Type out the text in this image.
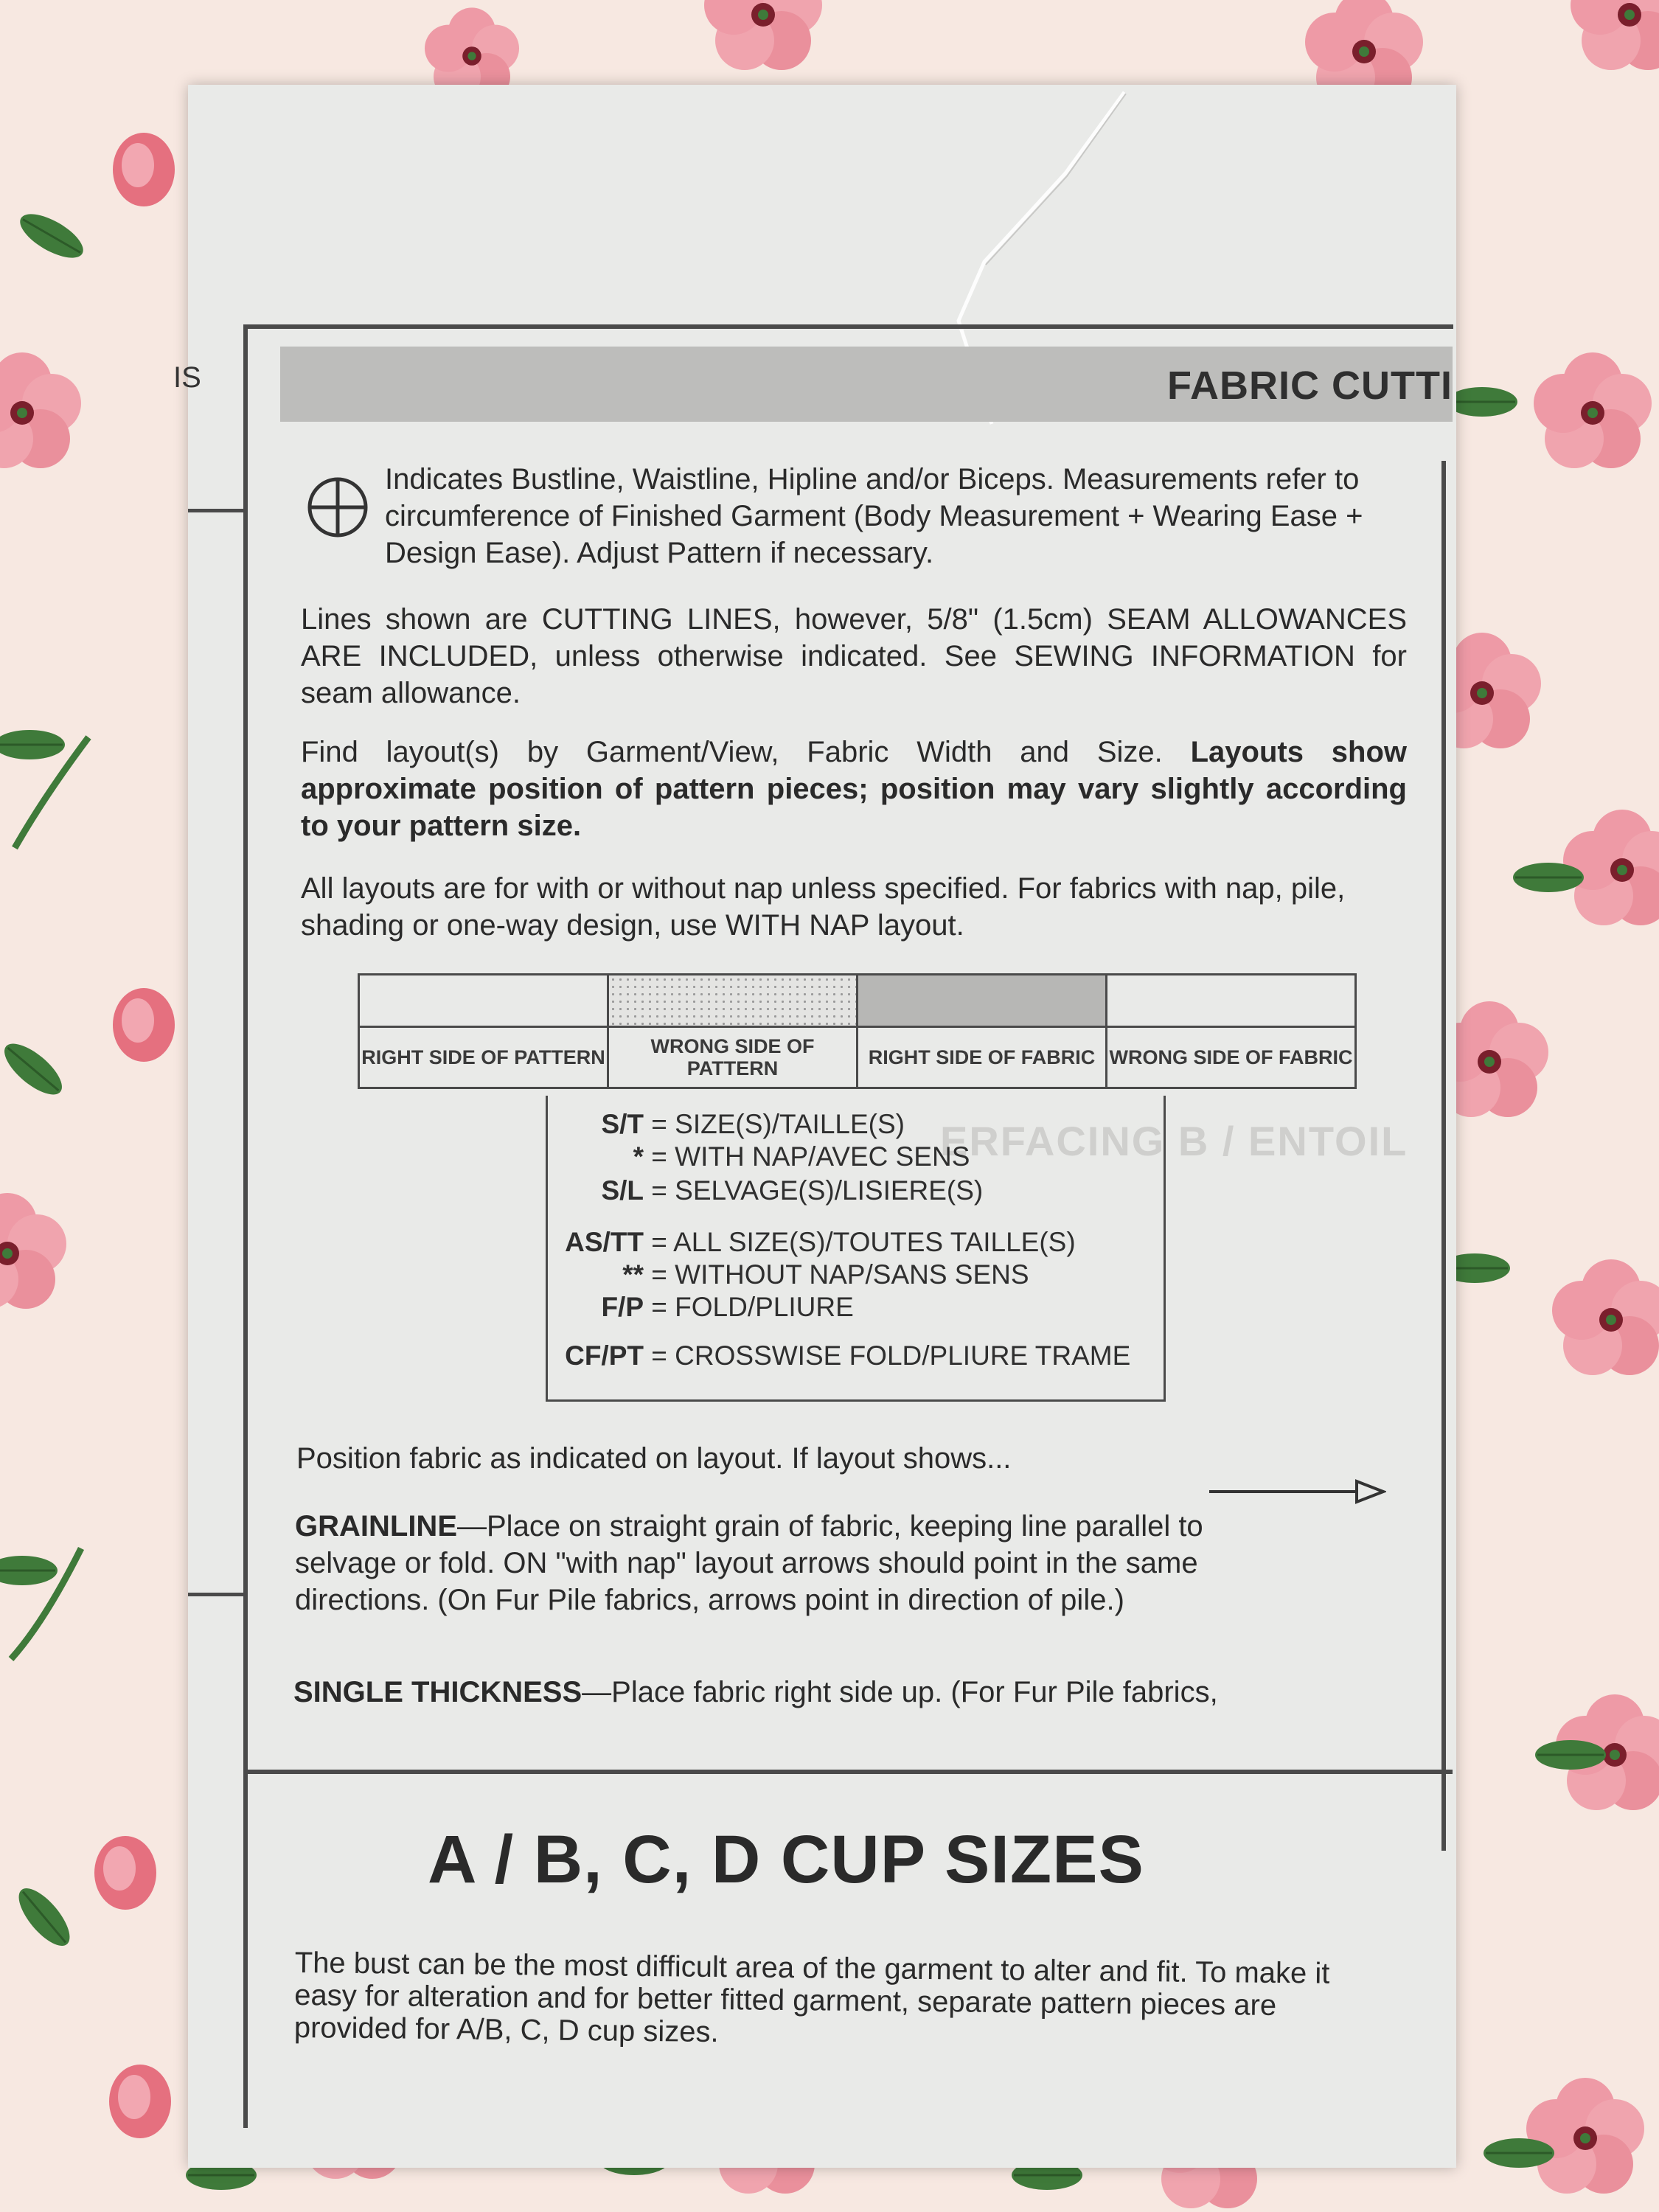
FABRIC CUTTI
IS
Indicates Bustline, Waistline, Hipline and/or Biceps. Measurements refer to circumference of Finished Garment (Body Measurement + Wearing Ease + Design Ease). Adjust Pattern if necessary.
Lines shown are CUTTING LINES, however, 5/8" (1.5cm) SEAM ALLOWANCES ARE INCLUDED, unless otherwise indicated. See SEWING INFORMATION for seam allowance.
Find layout(s) by Garment/View, Fabric Width and Size. Layouts show approximate position of pattern pieces; position may vary slightly according to your pattern size.
All layouts are for with or without nap unless specified. For fabrics with nap, pile, shading or one-way design, use WITH NAP layout.

RIGHT SIDE OF PATTERN	WRONG SIDE OF PATTERN	RIGHT SIDE OF FABRIC	WRONG SIDE OF FABRIC
ERFACING B / ENTOIL
S/T = SIZE(S)/TAILLE(S)
* = WITH NAP/AVEC SENS
S/L = SELVAGE(S)/LISIERE(S)
AS/TT = ALL SIZE(S)/TOUTES TAILLE(S)
** = WITHOUT NAP/SANS SENS
F/P = FOLD/PLIURE
CF/PT = CROSSWISE FOLD/PLIURE TRAME
Position fabric as indicated on layout. If layout shows...
GRAINLINE—Place on straight grain of fabric, keeping line parallel to selvage or fold. ON "with nap" layout arrows should point in the same directions. (On Fur Pile fabrics, arrows point in direction of pile.)
SINGLE THICKNESS—Place fabric right side up. (For Fur Pile fabrics,
A / B, C, D CUP SIZES
The bust can be the most difficult area of the garment to alter and fit. To make it easy for alteration and for better fitted garment, separate pattern pieces are provided for A/B, C, D cup sizes.
